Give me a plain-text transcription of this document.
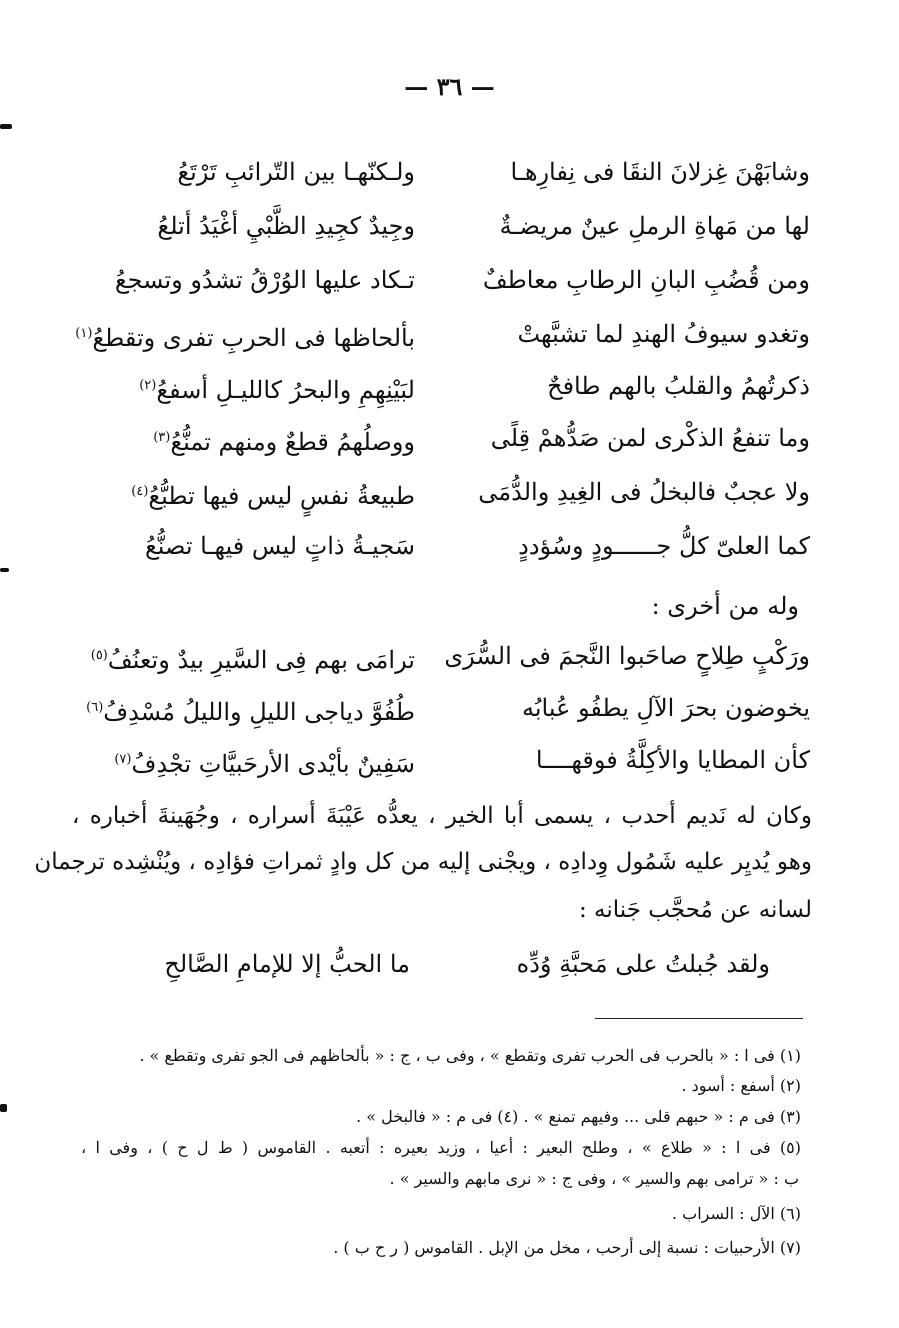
— ٣٦ —
وشابَهْنَ غِزلانَ النقَا فى نِفارِهـا
ولـكنّهـا بين التّرائبِ تَرْتَعُ
لها من مَهاةِ الرملِ عينٌ مريضـةٌ
وجِيدٌ كجِيدِ الظَّبْيِ أغْيَدُ أتلعُ
ومن قُضُبِ البانِ الرطابِ معاطفٌ
تـكاد عليها الوُرْقُ تشدُو وتسجعُ
وتغدو سيوفُ الهندِ لما تشبَّهتْ
بألحاظها فى الحربِ تفرى وتقطعُ$^{(١)}$
ذكرتُهمُ والقلبُ بالهم طافحٌ
لبَيْنِهِمِ والبحرُ كالليـلِ أسفعُ$^{(٢)}$
وما تنفعُ الذكْرى لمن صَدُّهمْ قِلًى
ووصلُهمُ قطعٌ ومنهم تمنُّعُ$^{(٣)}$
ولا عجبٌ فالبخلُ فى الغِيدِ والدُّمَى
طبيعةُ نفسٍ ليس فيها تطبُّعُ$^{(٤)}$
كما العلىّ كلُّ جــــــودٍ وسُؤددٍ
سَجيـةُ ذاتٍ ليس فيهـا تصنُّعُ
وله من أخرى :
ورَكْبٍ طِلاحٍ صاحَبوا النَّجمَ فى السُّرَى
ترامَى بهم فِى السَّيرِ بيدٌ وتعنُفُ$^{(٥)}$
يخوضون بحرَ الآلِ يطفُو عُبابُه
طُفُوَّ دياجى الليلِ والليلُ مُسْدِفُ$^{(٦)}$
كأن المطايا والأكِلَّةُ فوقهــــا
سَفِينٌ بأيْدى الأرحَبيَّاتِ تجْدِفُ$^{(٧)}$
وكان له نَديم أحدب ، يسمى أبا الخير ، يعدُّه عَيْبَةَ أسراره ، وجُهَينةَ أخباره ،
وهو يُديِر عليه شَمُول وِدادِه ، ويجْنى إليه من كل وادٍ ثمراتِ فؤادِه ، ويُنْشِده ترجمان
لسانه عن مُحجَّب جَنانه :
ولقد جُبلتُ على مَحبَّةِ وُدِّه
ما الحبُّ إلا للإمامِ الصَّالحِ
(١) فى ا : « بالحرب فى الحرب تفرى وتقطع » ، وفى ب ، ج : « بألحاظهم فى الجو تفرى وتقطع » .
(٢) أسفع : أسود .
(٣) فى م : « حبهم قلى ... وفيهم تمنع » . (٤) فى م : « فالبخل » .
(٥) فى ا : « طلاع » ، وطلح البعير : أعيا ، وزيد بعيره : أتعبه . القاموس ( ط ل ح ) ، وفى ا ،
ب : « ترامى بهم والسير » ، وفى ج : « نرى مابهم والسير » .
(٦) الآل : السراب .
(٧) الأرحبيات : نسبة إلى أرحب ، مخل من الإبل . القاموس ( ر ح ب ) .
